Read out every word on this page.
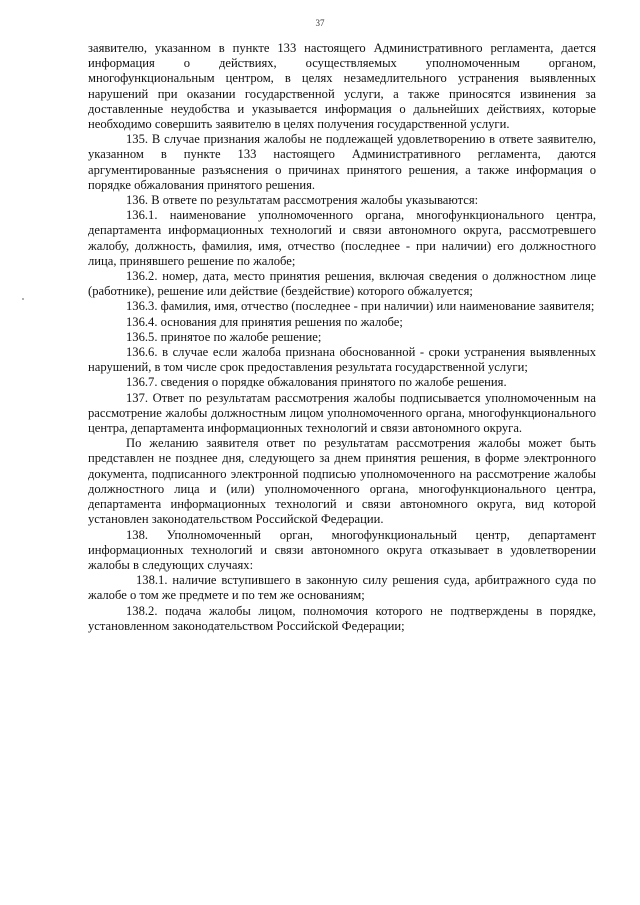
37

заявителю, указанном в пункте 133 настоящего Административного регламента, дается информация о действиях, осуществляемых уполномоченным органом, многофункциональным центром, в целях незамедлительного устранения выявленных нарушений при оказании государственной услуги, а также приносятся извинения за доставленные неудобства и указывается информация о дальнейших действиях, которые необходимо совершить заявителю в целях получения государственной услуги.

135. В случае признания жалобы не подлежащей удовлетворению в ответе заявителю, указанном в пункте 133 настоящего Административного регламента, даются аргументированные разъяснения о причинах принятого решения, а также информация о порядке обжалования принятого решения.

136. В ответе по результатам рассмотрения жалобы указываются:

136.1. наименование уполномоченного органа, многофункционального центра, департамента информационных технологий и связи автономного округа, рассмотревшего жалобу, должность, фамилия, имя, отчество (последнее - при наличии) его должностного лица, принявшего решение по жалобе;

136.2. номер, дата, место принятия решения, включая сведения о должностном лице (работнике), решение или действие (бездействие) которого обжалуется;

136.3. фамилия, имя, отчество (последнее - при наличии) или наименование заявителя;

136.4. основания для принятия решения по жалобе;

136.5. принятое по жалобе решение;

136.6. в случае если жалоба признана обоснованной - сроки устранения выявленных нарушений, в том числе срок предоставления результата государственной услуги;

136.7. сведения о порядке обжалования принятого по жалобе решения.

137. Ответ по результатам рассмотрения жалобы подписывается уполномоченным на рассмотрение жалобы должностным лицом уполномоченного органа, многофункционального центра, департамента информационных технологий и связи автономного округа.

По желанию заявителя ответ по результатам рассмотрения жалобы может быть представлен не позднее дня, следующего за днем принятия решения, в форме электронного документа, подписанного электронной подписью уполномоченного на рассмотрение жалобы должностного лица и (или) уполномоченного органа, многофункционального центра, департамента информационных технологий и связи автономного округа, вид которой установлен законодательством Российской Федерации.

138. Уполномоченный орган, многофункциональный центр, департамент информационных технологий и связи автономного округа отказывает в удовлетворении жалобы в следующих случаях:

138.1. наличие вступившего в законную силу решения суда, арбитражного суда по жалобе о том же предмете и по тем же основаниям;

138.2. подача жалобы лицом, полномочия которого не подтверждены в порядке, установленном законодательством Российской Федерации;
